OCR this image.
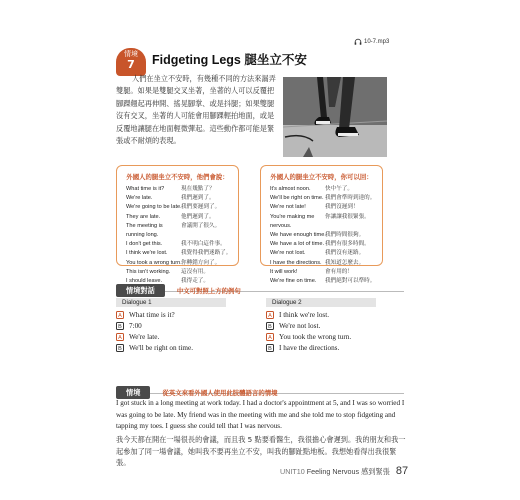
10-7.mp3
情境
7	Fidgeting Legs 腿坐立不安
人們在坐立不安時，有幾種不同的方法來漏弄雙腿。如果是雙腿交叉坐著，坐著的人可以反覆把腳踝翹起再伸開、搖晃腳掌、或是抖腿；如果雙腿沒有交叉，坐著的人可能會用腳踝輕拍地面，或是反覆地讓腿在地面輕微彈起。這些動作都可能是緊張或不耐煩的表現。
外國人的腿坐立不安時，他們會說：
What time is it?	現在幾點了？
We're late.	我們遲到了。
We're going to be late. 我們要遲到了。
They are late.	他們遲到了。
The meeting is	會議開了很久。
running long.
I don't get this.	我不明白這件事。
I think we're lost.	我覺得我們迷路了。
You took a wrong turn. 你轉錯方向了。
This isn't working.	這沒有用。
I should leave.	我得走了。
外國人的腿坐立不安時，你可以回：
It's almost noon.	快中午了。
We'll be right on time. 我們會準時到達的。
We're not late!	我們沒遲到！
You're making me	你讓讓我很緊張。
nervous.
We have enough time. 我們時間很夠。
We have a lot of time. 我們有很多時間。
We're not lost.	我們沒有迷路。
I have the directions. 我知道怎麼去。
It will work!	會有用的！
We're fine on time.	我們絕對可以準時。
情境對話	中文可對照上方的例句
Dialogue 1
A What time is it?
B 7:00
A We're late.
B We'll be right on time.
Dialogue 2
A I think we're lost.
B We're not lost.
A You took the wrong turn.
B I have the directions.
情境	從英文來看外國人使用此肢體語言的情境
I got stuck in a long meeting at work today. I had a doctor's appointment at 5, and I was so worried I was going to be late. My friend was in the meeting with me and she told me to stop fidgeting and tapping my toes. I guess she could tell that I was nervous.
我今天都在開在一場很長的會議，而且我 5 點要看醫生，我很擔心會遲到。我的朋友和我一起參加了同一場會議，她叫我不要再坐立不安，叫我的腳趾點地板。我想她看得出我很緊張。
UNIT10
Feeling Nervous 感到緊張 87
